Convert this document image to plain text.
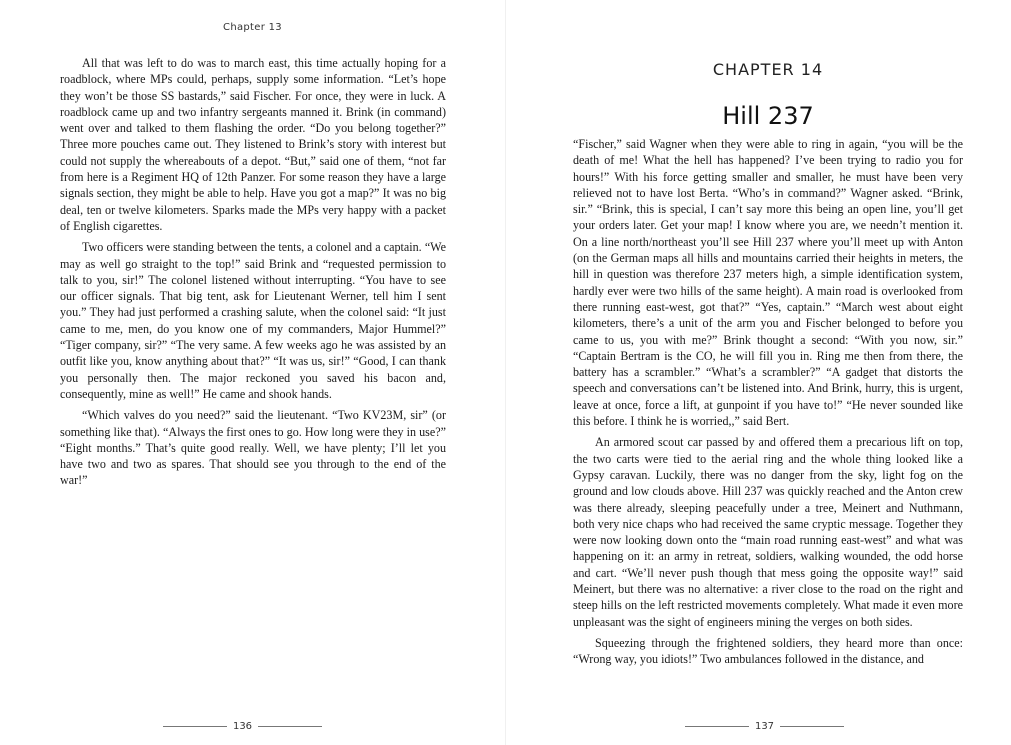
Chapter 13

All that was left to do was to march east, this time actually hoping for a roadblock, where MPs could, perhaps, supply some information. “Let’s hope they won’t be those SS bastards,” said Fischer. For once, they were in luck. A roadblock came up and two infantry sergeants manned it. Brink (in command) went over and talked to them flashing the order. “Do you belong together?” Three more pouches came out. They listened to Brink’s story with interest but could not supply the whereabouts of a depot. “But,” said one of them, “not far from here is a Regiment HQ of 12th Panzer. For some reason they have a large signals section, they might be able to help. Have you got a map?” It was no big deal, ten or twelve kilometers. Sparks made the MPs very happy with a packet of English cigarettes.

Two officers were standing between the tents, a colonel and a captain. “We may as well go straight to the top!” said Brink and “requested permission to talk to you, sir!” The colonel listened without interrupting. “You have to see our officer signals. That big tent, ask for Lieutenant Werner, tell him I sent you.” They had just performed a crashing salute, when the colonel said: “It just came to me, men, do you know one of my commanders, Major Hummel?” “Tiger company, sir?” “The very same. A few weeks ago he was assisted by an outfit like you, know anything about that?” “It was us, sir!” “Good, I can thank you personally then. The major reckoned you saved his bacon and, consequently, mine as well!” He came and shook hands.

“Which valves do you need?” said the lieutenant. “Two KV23M, sir” (or something like that). “Always the first ones to go. How long were they in use?” “Eight months.” That’s quite good really. Well, we have plenty; I’ll let you have two and two as spares. That should see you through to the end of the war!”

136
CHAPTER 14
Hill 237

“Fischer,” said Wagner when they were able to ring in again, “you will be the death of me! What the hell has happened? I’ve been trying to radio you for hours!” With his force getting smaller and smaller, he must have been very relieved not to have lost Berta. “Who’s in command?” Wagner asked. “Brink, sir.” “Brink, this is special, I can’t say more this being an open line, you’ll get your orders later. Get your map! I know where you are, we needn’t mention it. On a line north/northeast you’ll see Hill 237 where you’ll meet up with Anton (on the German maps all hills and mountains carried their heights in meters, the hill in question was therefore 237 meters high, a simple identification system, hardly ever were two hills of the same height). A main road is overlooked from there running east-west, got that?” “Yes, captain.” “March west about eight kilometers, there’s a unit of the arm you and Fischer belonged to before you came to us, you with me?” Brink thought a second: “With you now, sir.” “Captain Bertram is the CO, he will fill you in. Ring me then from there, the battery has a scrambler.” “What’s a scrambler?” “A gadget that distorts the speech and conversations can’t be listened into. And Brink, hurry, this is urgent, leave at once, force a lift, at gunpoint if you have to!” “He never sounded like this before. I think he is worried,,” said Bert.

An armored scout car passed by and offered them a precarious lift on top, the two carts were tied to the aerial ring and the whole thing looked like a Gypsy caravan. Luckily, there was no danger from the sky, light fog on the ground and low clouds above. Hill 237 was quickly reached and the Anton crew was there already, sleeping peacefully under a tree, Meinert and Nuthmann, both very nice chaps who had received the same cryptic message. Together they were now looking down onto the “main road running east-west” and what was happening on it: an army in retreat, soldiers, walking wounded, the odd horse and cart. “We’ll never push though that mess going the opposite way!” said Meinert, but there was no alternative: a river close to the road on the right and steep hills on the left restricted movements completely. What made it even more unpleasant was the sight of engineers mining the verges on both sides.

Squeezing through the frightened soldiers, they heard more than once: “Wrong way, you idiots!” Two ambulances followed in the distance, and

137
